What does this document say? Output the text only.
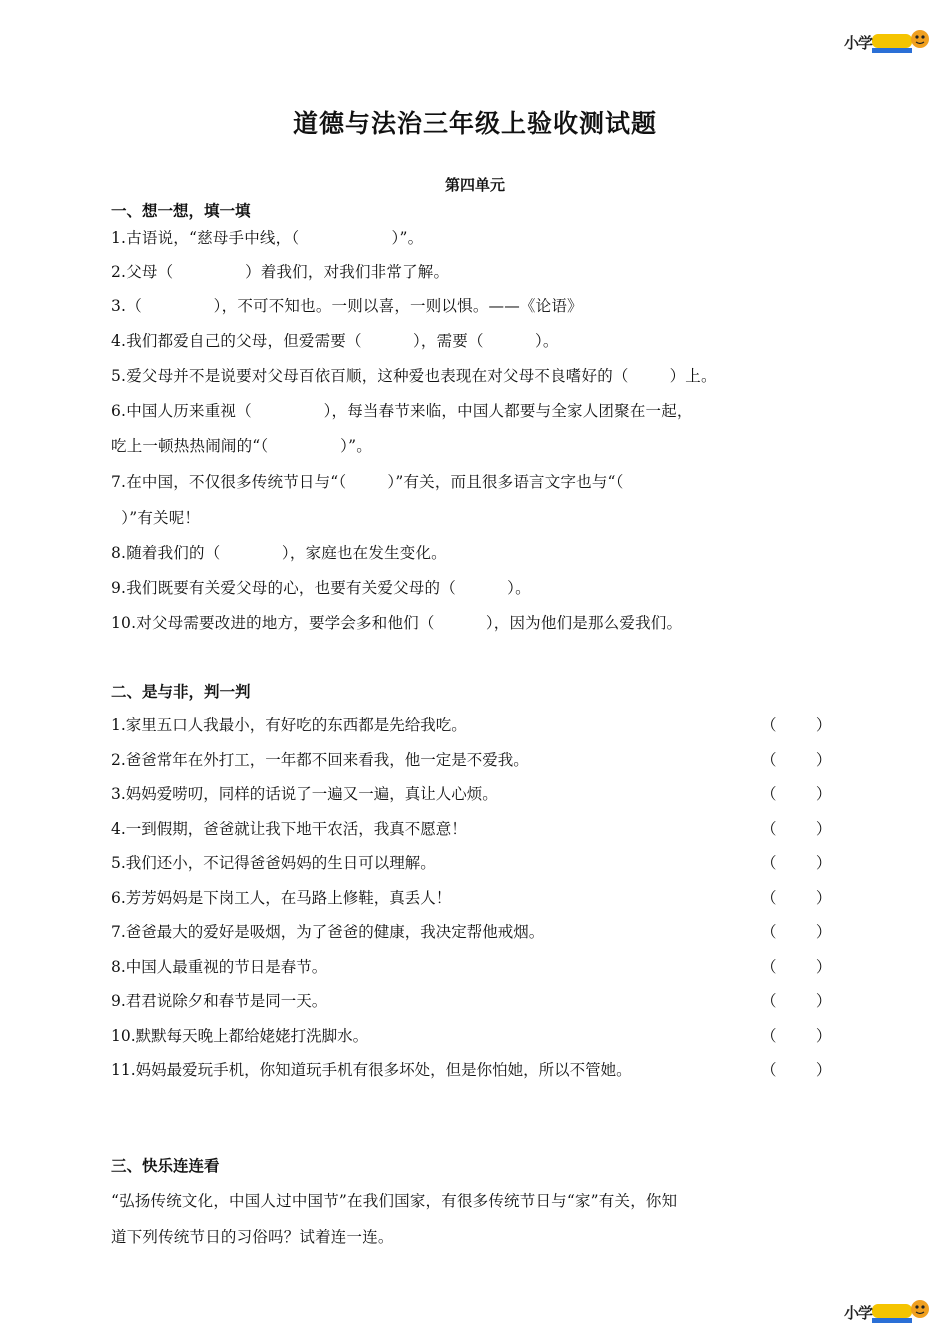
小学
道德与法治三年级上验收测试题
第四单元
一、想一想，填一填
1.古语说，“慈母手中线，（                  ）”。
2.父母（              ）着我们，对我们非常了解。
3.（              ），不可不知也。一则以喜，一则以惧。——《论语》
4.我们都爱自己的父母，但爱需要（          ），需要（          ）。
5.爱父母并不是说要对父母百依百顺，这种爱也表现在对父母不良嗜好的（        ）上。
6.中国人历来重视（              ），每当春节来临，中国人都要与全家人团聚在一起，
吃上一顿热热闹闹的“（              ）”。
7.在中国，不仅很多传统节日与“（        ）”有关，而且很多语言文字也与“（
）”有关呢！
8.随着我们的（            ），家庭也在发生变化。
9.我们既要有关爱父母的心，也要有关爱父母的（          ）。
10.对父母需要改进的地方，要学会多和他们（          ），因为他们是那么爱我们。
二、是与非，判一判
1.家里五口人我最小，有好吃的东西都是先给我吃。	（        ）
2.爸爸常年在外打工，一年都不回来看我，他一定是不爱我。	（        ）
3.妈妈爱唠叨，同样的话说了一遍又一遍，真让人心烦。	（        ）
4.一到假期，爸爸就让我下地干农活，我真不愿意！	（        ）
5.我们还小，不记得爸爸妈妈的生日可以理解。	（        ）
6.芳芳妈妈是下岗工人，在马路上修鞋，真丢人！	（        ）
7.爸爸最大的爱好是吸烟，为了爸爸的健康，我决定帮他戒烟。	（        ）
8.中国人最重视的节日是春节。	（        ）
9.君君说除夕和春节是同一天。	（        ）
10.默默每天晚上都给姥姥打洗脚水。	（        ）
11.妈妈最爱玩手机，你知道玩手机有很多坏处，但是你怕她，所以不管她。	（        ）
三、快乐连连看
“弘扬传统文化，中国人过中国节”在我们国家，有很多传统节日与“家”有关，你知
道下列传统节日的习俗吗？试着连一连。
小学
